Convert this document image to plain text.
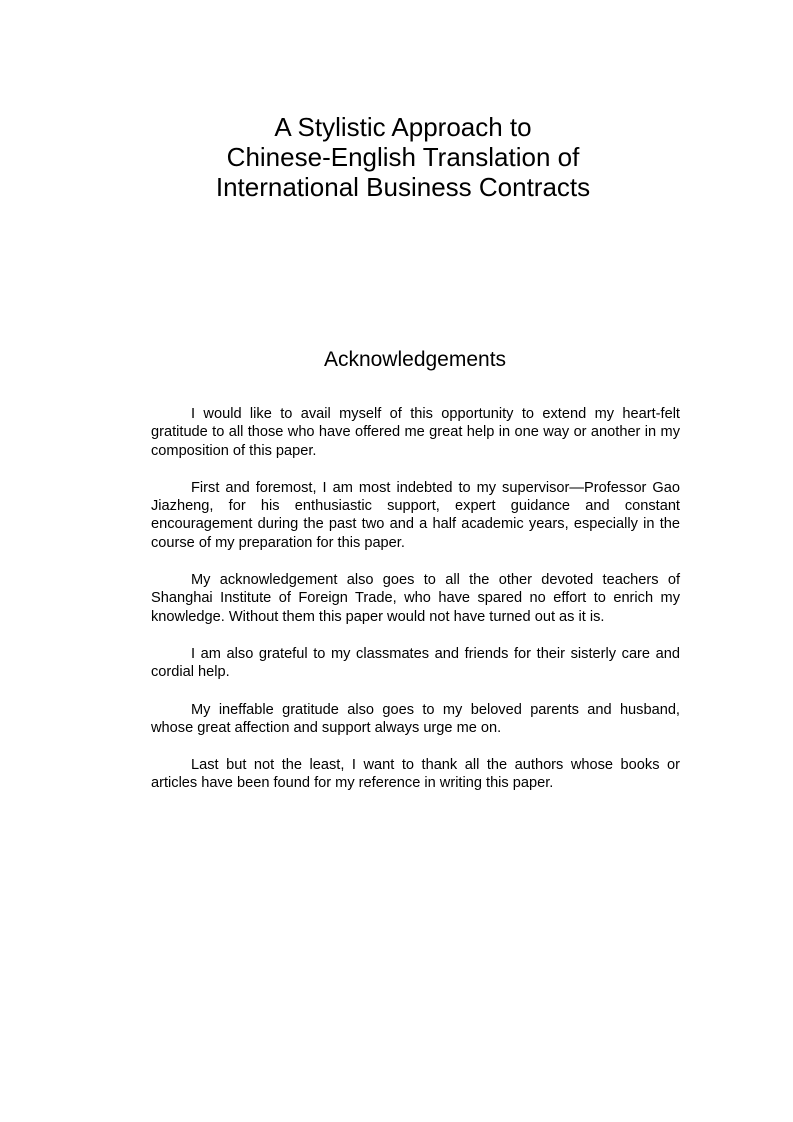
A Stylistic Approach to
Chinese-English Translation of
International Business Contracts
Acknowledgements

I would like to avail myself of this opportunity to extend my heart-felt gratitude to all those who have offered me great help in one way or another in my composition of this paper.

First and foremost, I am most indebted to my supervisor—Professor Gao Jiazheng, for his enthusiastic support, expert guidance and constant encouragement during the past two and a half academic years, especially in the course of my preparation for this paper.

My acknowledgement also goes to all the other devoted teachers of Shanghai Institute of Foreign Trade, who have spared no effort to enrich my knowledge. Without them this paper would not have turned out as it is.

I am also grateful to my classmates and friends for their sisterly care and cordial help.

My ineffable gratitude also goes to my beloved parents and husband, whose great affection and support always urge me on.

Last but not the least, I want to thank all the authors whose books or articles have been found for my reference in writing this paper.
